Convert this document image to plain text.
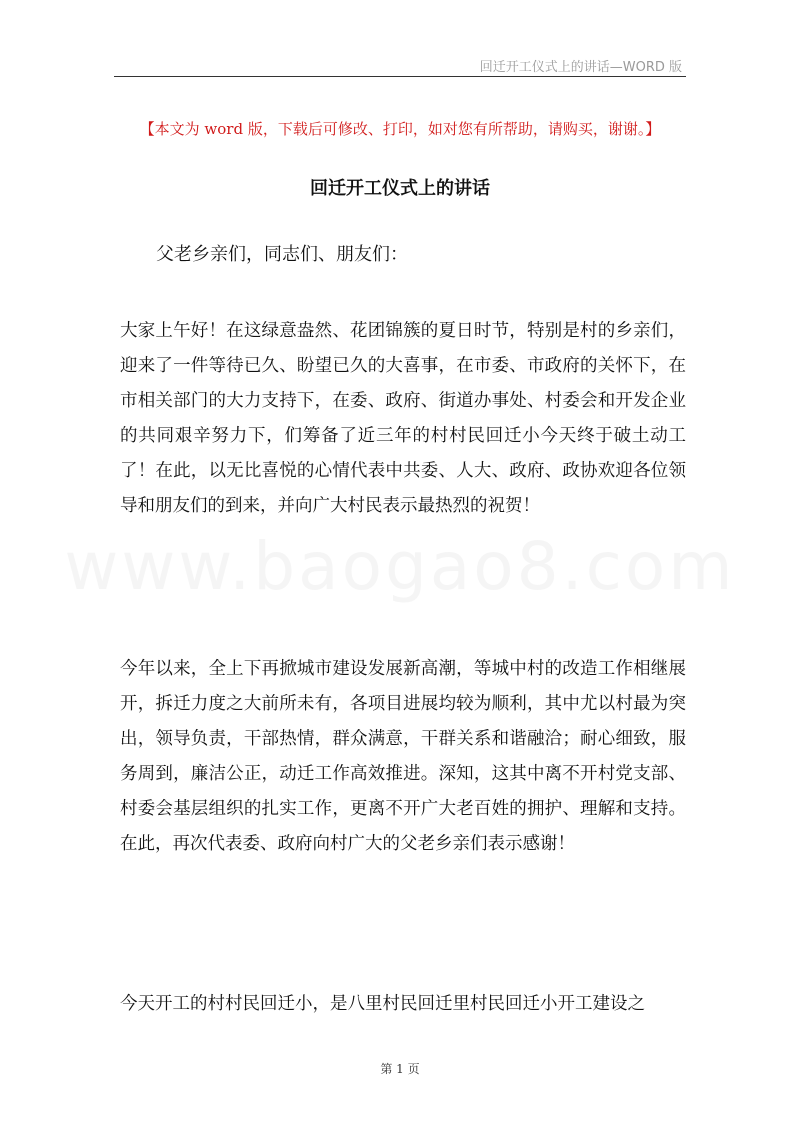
回迁开工仪式上的讲话—WORD 版
【本文为 word 版，下载后可修改、打印，如对您有所帮助，请购买，谢谢。】
回迁开工仪式上的讲话
父老乡亲们，同志们、朋友们：

大家上午好！在这绿意盎然、花团锦簇的夏日时节，特别是村的乡亲们，迎来了一件等待已久、盼望已久的大喜事，在市委、市政府的关怀下，在市相关部门的大力支持下，在委、政府、街道办事处、村委会和开发企业的共同艰辛努力下，们筹备了近三年的村村民回迁小今天终于破土动工了！在此，以无比喜悦的心情代表中共委、人大、政府、政协欢迎各位领导和朋友们的到来，并向广大村民表示最热烈的祝贺！

今年以来，全上下再掀城市建设发展新高潮，等城中村的改造工作相继展开，拆迁力度之大前所未有，各项目进展均较为顺利，其中尤以村最为突出，领导负责，干部热情，群众满意，干群关系和谐融洽；耐心细致，服务周到，廉洁公正，动迁工作高效推进。深知，这其中离不开村党支部、村委会基层组织的扎实工作，更离不开广大老百姓的拥护、理解和支持。在此，再次代表委、政府向村广大的父老乡亲们表示感谢！

今天开工的村村民回迁小，是八里村民回迁里村民回迁小开工建设之

www.baogao8.com
第 1 页
